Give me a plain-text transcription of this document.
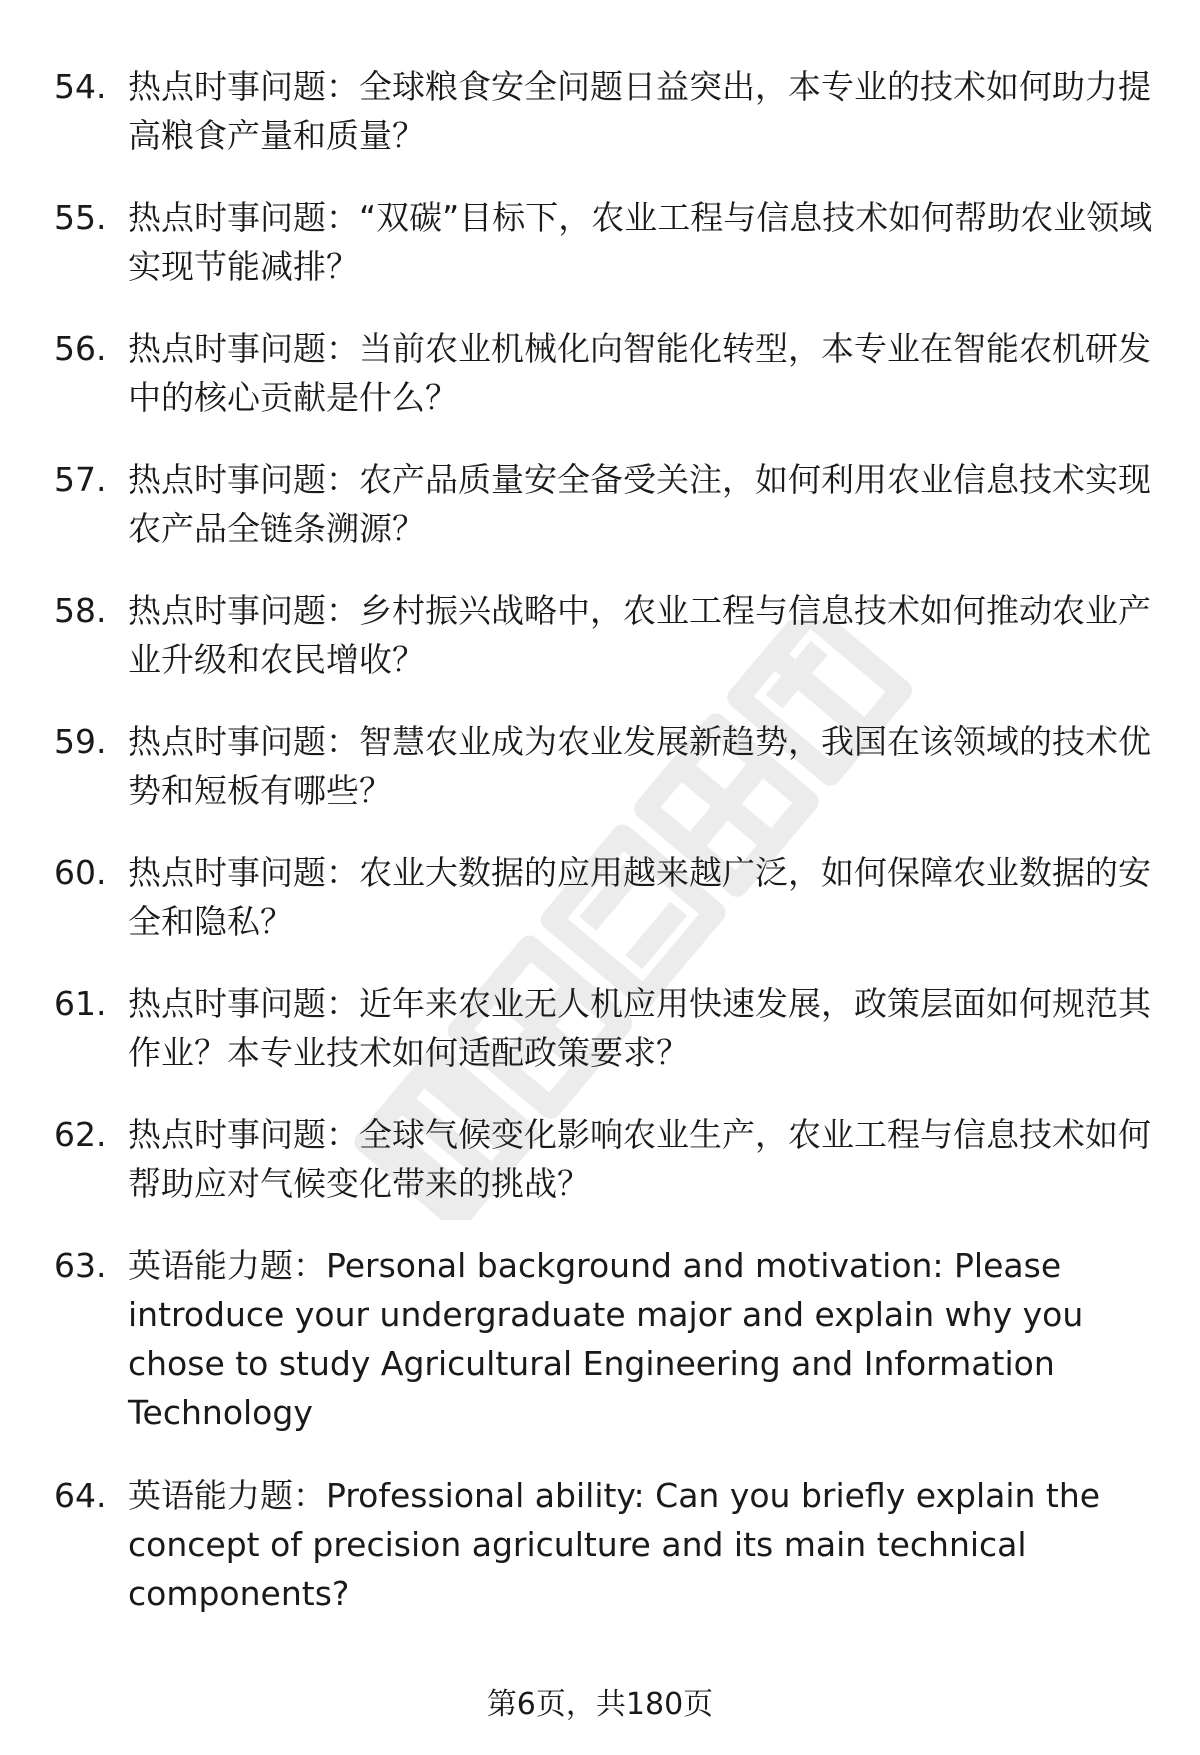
54. 热点时事问题：全球粮食安全问题日益突出，本专业的技术如何助力提高粮食产量和质量？
55. 热点时事问题：“双碳”目标下，农业工程与信息技术如何帮助农业领域实现节能减排？
56. 热点时事问题：当前农业机械化向智能化转型，本专业在智能农机研发中的核心贡献是什么？
57. 热点时事问题：农产品质量安全备受关注，如何利用农业信息技术实现农产品全链条溯源？
58. 热点时事问题：乡村振兴战略中，农业工程与信息技术如何推动农业产业升级和农民增收？
59. 热点时事问题：智慧农业成为农业发展新趋势，我国在该领域的技术优势和短板有哪些？
60. 热点时事问题：农业大数据的应用越来越广泛，如何保障农业数据的安全和隐私？
61. 热点时事问题：近年来农业无人机应用快速发展，政策层面如何规范其作业？本专业技术如何适配政策要求？
62. 热点时事问题：全球气候变化影响农业生产，农业工程与信息技术如何帮助应对气候变化带来的挑战？
63. 英语能力题：Personal background and motivation: Please introduce your undergraduate major and explain why you chose to study Agricultural Engineering and Information Technology
64. 英语能力题：Professional ability: Can you briefly explain the concept of precision agriculture and its main technical components?
第6页，共180页
